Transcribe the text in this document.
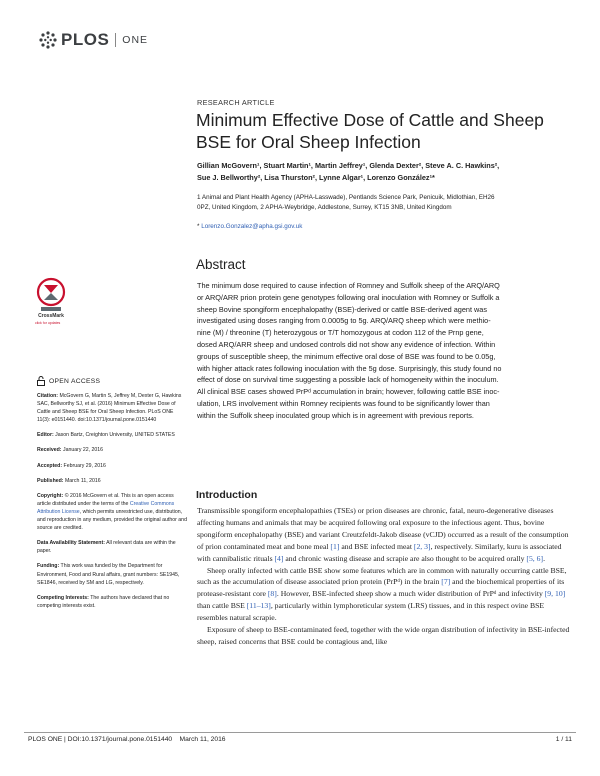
PLOS ONE
RESEARCH ARTICLE
Minimum Effective Dose of Cattle and Sheep BSE for Oral Sheep Infection
Gillian McGovern¹, Stuart Martin¹, Martin Jeffrey¹, Glenda Dexter², Steve A. C. Hawkins²,
Sue J. Bellworthy², Lisa Thurston², Lynne Algar¹, Lorenzo González¹*
1 Animal and Plant Health Agency (APHA-Lasswade), Pentlands Science Park, Penicuik, Midlothian, EH26
0PZ, United Kingdom, 2 APHA-Weybridge, Addlestone, Surrey, KT15 3NB, United Kingdom
* Lorenzo.Gonzalez@apha.gsi.gov.uk
CrossMark
click for updates
Abstract
The minimum dose required to cause infection of Romney and Suffolk sheep of the ARQ/ARQ
or ARQ/ARR prion protein gene genotypes following oral inoculation with Romney or Suffolk a
sheep Bovine spongiform encephalopathy (BSE)-derived or cattle BSE-derived agent was
investigated using doses ranging from 0.0005g to 5g. ARQ/ARQ sheep which were methio-
nine (M) / threonine (T) heterozygous or T/T homozygous at codon 112 of the Prnp gene,
dosed ARQ/ARR sheep and undosed controls did not show any evidence of infection. Within
groups of susceptible sheep, the minimum effective oral dose of BSE was found to be 0.05g,
with higher attack rates following inoculation with the 5g dose. Surprisingly, this study found no
effect of dose on survival time suggesting a possible lack of homogeneity within the inoculum.
All clinical BSE cases showed PrPᵈ accumulation in brain; however, following cattle BSE inoc-
ulation, LRS involvement within Romney recipients was found to be significantly lower than
within the Suffolk sheep inoculated group which is in agreement with previous reports.
OPEN ACCESS

Citation: McGovern G, Martin S, Jeffrey M, Dexter G, Hawkins SAC, Bellworthy SJ, et al. (2016) Minimum Effective Dose of Cattle and Sheep BSE for Oral Sheep Infection. PLoS ONE 11(3): e0151440. doi:10.1371/journal.pone.0151440

Editor: Jason Bartz, Creighton University, UNITED STATES

Received: January 22, 2016

Accepted: February 29, 2016

Published: March 11, 2016

Copyright: © 2016 McGovern et al. This is an open access article distributed under the terms of the Creative Commons Attribution License, which permits unrestricted use, distribution, and reproduction in any medium, provided the original author and source are credited.

Data Availability Statement: All relevant data are within the paper.

Funding: This work was funded by the Department for Environment, Food and Rural affairs, grant numbers: SE1945, SE1846, received by SM and LG, respectively.

Competing Interests: The authors have declared that no competing interests exist.

Introduction

Transmissible spongiform encephalopathies (TSEs) or prion diseases are chronic, fatal, neuro-degenerative diseases affecting humans and animals that may be acquired following oral exposure to the infectious agent. Thus, bovine spongiform encephalopathy (BSE) and variant Creutzfeldt-Jakob disease (vCJD) occurred as a result of the consumption of prion contaminated meat and bone meal [1] and BSE infected meat [2, 3], respectively. Similarly, kuru is associated with cannibalistic rituals [4] and chronic wasting disease and scrapie are also thought to be acquired orally [5, 6].

Sheep orally infected with cattle BSE show some features which are in common with naturally occurring cattle BSE, such as the accumulation of disease associated prion protein (PrPᵈ) in the brain [7] and the biochemical properties of its protease-resistant core [8]. However, BSE-infected sheep show a much wider distribution of PrPᵈ and infectivity [9, 10] than cattle BSE [11–13], particularly within lymphoreticular system (LRS) tissues, and in this respect ovine BSE resembles natural scrapie.

Exposure of sheep to BSE-contaminated feed, together with the wide organ distribution of infectivity in BSE-infected sheep, raised concerns that BSE could be contagious and, like

PLOS ONE | DOI:10.1371/journal.pone.0151440    March 11, 2016	1 / 11
